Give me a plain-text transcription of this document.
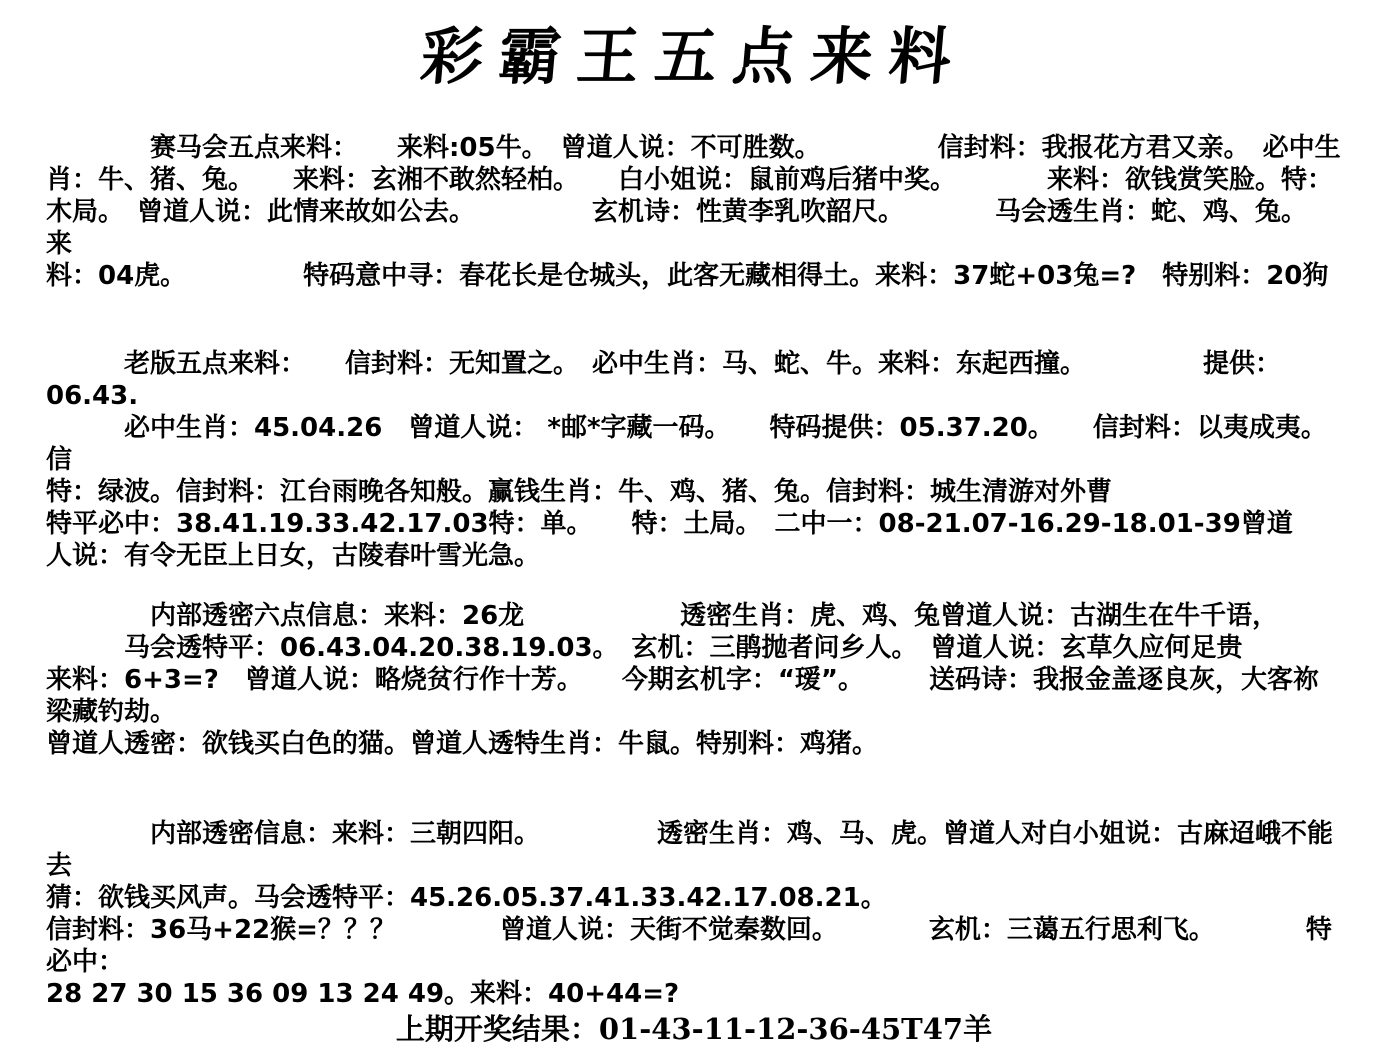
彩霸王五点来料
　　　　赛马会五点来料：　　来料:05牛。　曾道人说：不可胜数。　　　　　信封料：我报花方君又亲。　必中生
肖：牛、猪、兔。　　来料：玄湘不敢然轻柏。　　白小姐说：鼠前鸡后猪中奖。　　　　来料：欲钱赏笑脸。特：
木局。　曾道人说：此情来故如公去。　　　　　玄机诗：性黄李乳吹韶尺。　　　　马会透生肖：蛇、鸡、兔。　　来
料：04虎。　　　　　特码意中寻：春花长是仓城头，此客无藏相得土。来料：37蛇+03兔=?　特别料：20狗
　　　老版五点来料：　　信封料：无知置之。　必中生肖：马、蛇、牛。来料：东起西撞。　　　　　提供：06.43.
　　　必中生肖：45.04.26　曾道人说： *邮*字藏一码。　　特码提供：05.37.20。　　信封料：以夷成夷。　信
特：绿波。信封料：江台雨晚各知般。赢钱生肖：牛、鸡、猪、兔。信封料：城生清游对外曹
特平必中：38.41.19.33.42.17.03特：单。　　特：土局。　二中一：08-21.07-16.29-18.01-39曾道
人说：有令无臣上日女，古陵春叶雪光急。
　　　　内部透密六点信息：来料：26龙　　　　　　透密生肖：虎、鸡、兔曾道人说：古湖生在牛千语，
　　　马会透特平：06.43.04.20.38.19.03。　玄机：三鹃抛者问乡人。　曾道人说：玄草久应何足贵
来料：6+3=?　曾道人说：略烧贫行作十芳。　　今期玄机字：“瑷”。　　　送码诗：我报金盖逐良灰，大客祢梁藏钓劫。
曾道人透密：欲钱买白色的猫。曾道人透特生肖：牛鼠。特别料：鸡猪。
　　　　内部透密信息：来料：三朝四阳。　　　　　透密生肖：鸡、马、虎。曾道人对白小姐说：古麻迢峨不能去
猜：欲钱买风声。马会透特平：45.26.05.37.41.33.42.17.08.21。
信封料：36马+22猴=？？？　　　　曾道人说：天街不觉秦数回。　　　　玄机：三蔼五行思利飞。　　　　特必中：
28 27 30 15 36 09 13 24 49。来料：40+44=?
上期开奖结果：01-43-11-12-36-45T47羊
